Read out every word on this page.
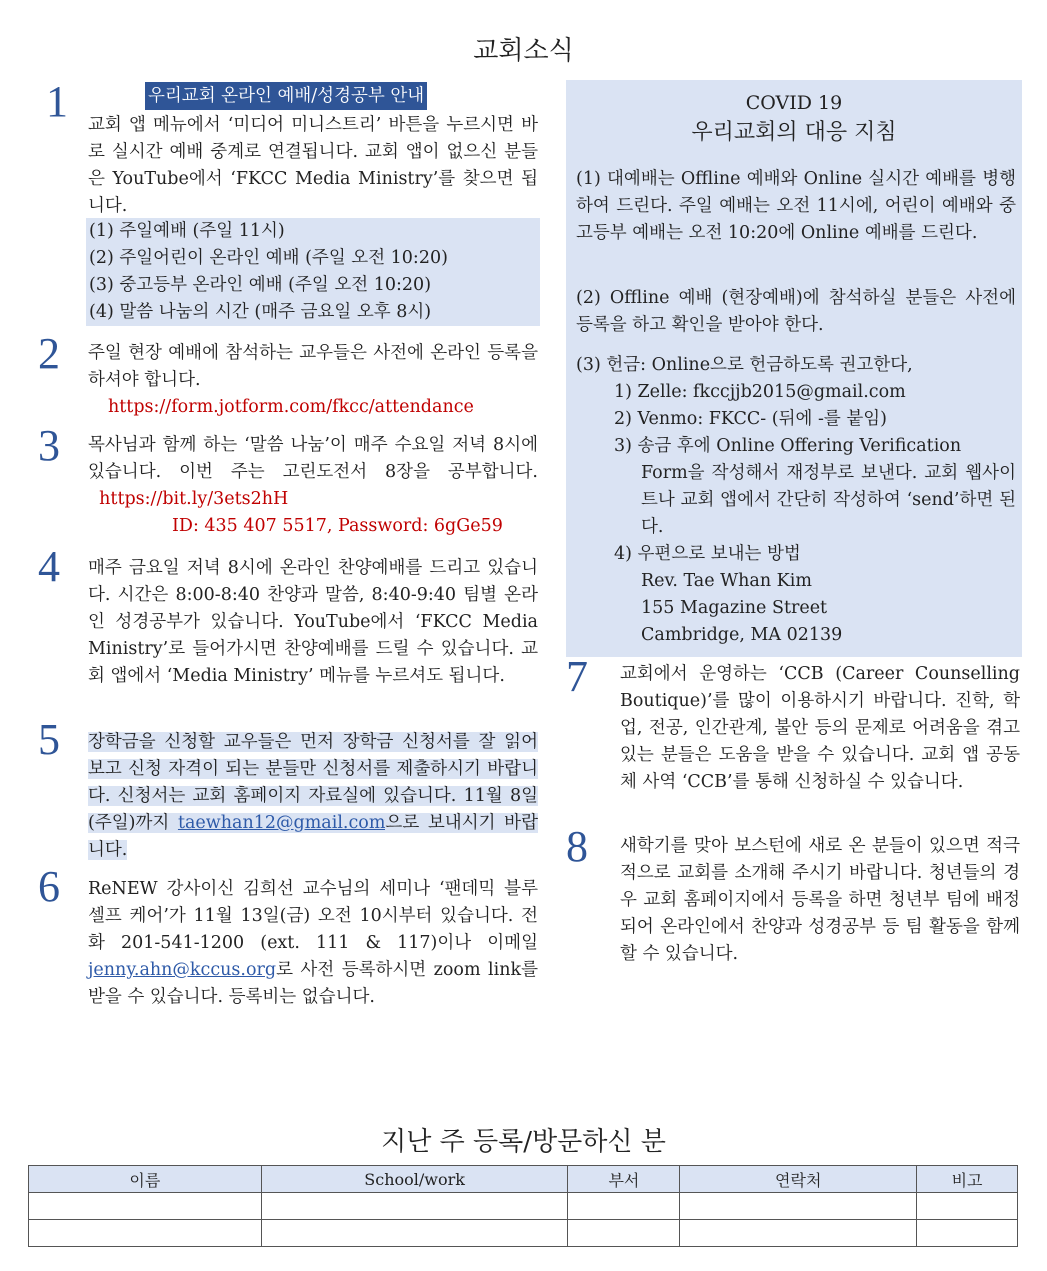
교회소식
1	우리교회 온라인 예배/성경공부 안내
교회 앱 메뉴에서 ‘미디어 미니스트리’ 바튼을 누르시면 바로 실시간 예배 중계로 연결됩니다. 교회 앱이 없으신 분들은 YouTube에서 ‘FKCC Media Ministry’를 찾으면 됩니다.
(1) 주일예배 (주일 11시)
(2) 주일어린이 온라인 예배 (주일 오전 10:20)
(3) 중고등부 온라인 예배 (주일 오전 10:20)
(4) 말씀 나눔의 시간 (매주 금요일 오후 8시)
2 주일 현장 예배에 참석하는 교우들은 사전에 온라인 등록을 하셔야 합니다.
https://form.jotform.com/fkcc/attendance
3 목사님과 함께 하는 ‘말씀 나눔’이 매주 수요일 저녁 8시에 있습니다. 이번 주는 고린도전서 8장을 공부합니다.   https://bit.ly/3ets2hH
ID: 435 407 5517, Password: 6gGe59
4 매주 금요일 저녁 8시에 온라인 찬양예배를 드리고 있습니다. 시간은 8:00-8:40 찬양과 말씀, 8:40-9:40 팀별 온라인 성경공부가 있습니다. YouTube에서 ‘FKCC Media Ministry’로 들어가시면 찬양예배를 드릴 수 있습니다. 교회 앱에서 ‘Media Ministry’ 메뉴를 누르셔도 됩니다.
5 장학금을 신청할 교우들은 먼저 장학금 신청서를 잘 읽어 보고 신청 자격이 되는 분들만 신청서를 제출하시기 바랍니다. 신청서는 교회 홈페이지 자료실에 있습니다. 11월 8일 (주일)까지 taewhan12@gmail.com으로 보내시기 바랍니다.
6 ReNEW 강사이신 김희선 교수님의 세미나 ‘팬데믹 블루 셀프 케어’가 11월 13일(금) 오전 10시부터 있습니다. 전화 201-541-1200 (ext. 111 & 117)이나 이메일 jenny.ahn@kccus.org로 사전 등록하시면 zoom link를 받을 수 있습니다. 등록비는 없습니다.
COVID 19
우리교회의 대응 지침
(1) 대예배는 Offline 예배와 Online 실시간 예배를 병행하여 드린다. 주일 예배는 오전 11시에, 어린이 예배와 중고등부 예배는 오전 10:20에 Online 예배를 드린다.
(2) Offline 예배 (현장예배)에 참석하실 분들은 사전에 등록을 하고 확인을 받아야 한다.
(3) 헌금: Online으로 헌금하도록 권고한다,
1) Zelle: fkccjjb2015@gmail.com
2) Venmo: FKCC- (뒤에 -를 붙임)
3) 송금 후에 Online Offering Verification
Form을 작성해서 재정부로 보낸다. 교회 웹사이트나 교회 앱에서 간단히 작성하여 ‘send’하면 된다.
4) 우편으로 보내는 방법
Rev. Tae Whan Kim
155 Magazine Street
Cambridge, MA 02139
7 교회에서 운영하는 ‘CCB (Career Counselling Boutique)’를 많이 이용하시기 바랍니다. 진학, 학업, 전공, 인간관계, 불안 등의 문제로 어려움을 겪고 있는 분들은 도움을 받을 수 있습니다. 교회 앱 공동체 사역 ‘CCB’를 통해 신청하실 수 있습니다.
8 새학기를 맞아 보스턴에 새로 온 분들이 있으면 적극적으로 교회를 소개해 주시기 바랍니다. 청년들의 경우 교회 홈페이지에서 등록을 하면 청년부 팀에 배정되어 온라인에서 찬양과 성경공부 등 팀 활동을 함께 할 수 있습니다.
지난 주 등록/방문하신 분
이름	School/work	부서	연락처	비고
